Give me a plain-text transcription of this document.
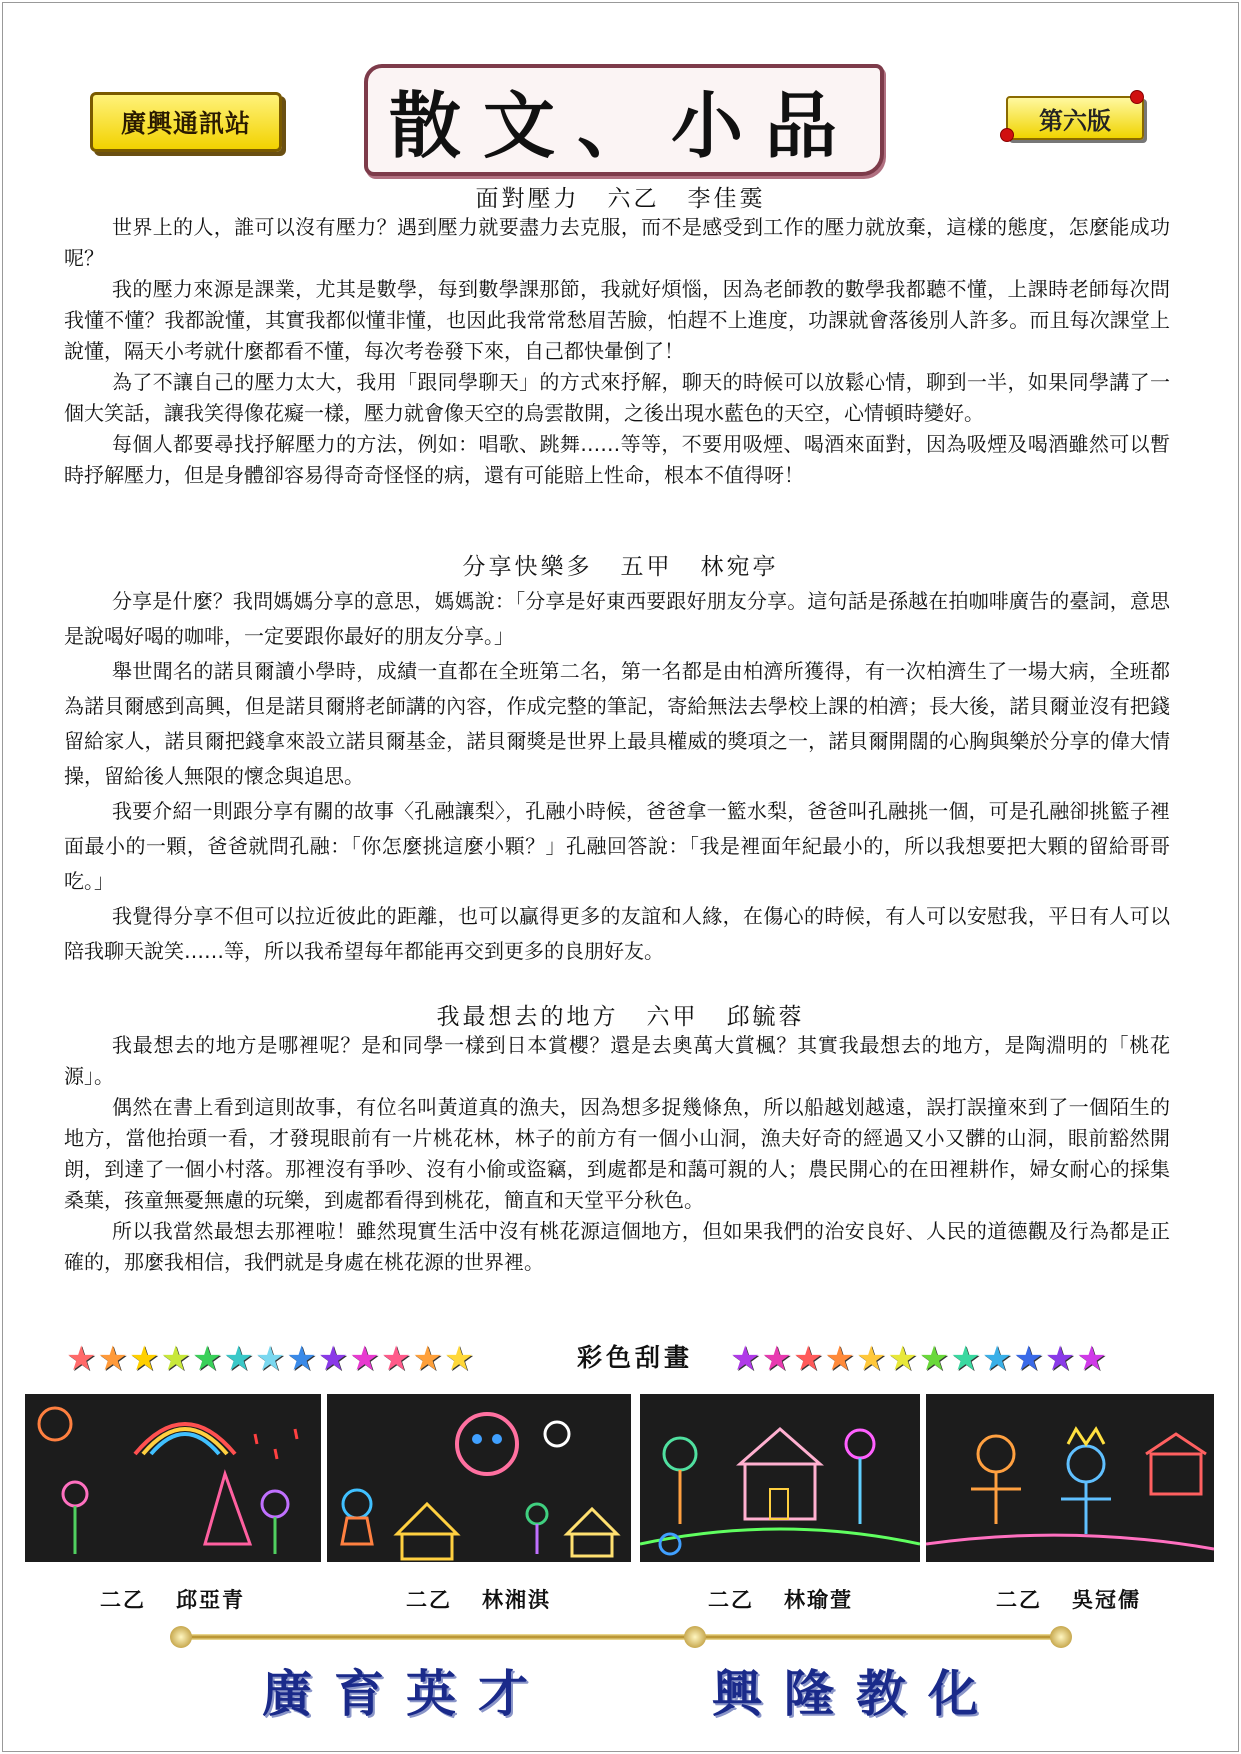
廣興通訊站	散文、小品	第六版
面對壓力 六乙 李佳霙

世界上的人，誰可以沒有壓力？遇到壓力就要盡力去克服，而不是感受到工作的壓力就放棄，這樣的態度，怎麼能成功呢？

我的壓力來源是課業，尤其是數學，每到數學課那節，我就好煩惱，因為老師教的數學我都聽不懂，上課時老師每次問我懂不懂？我都說懂，其實我都似懂非懂，也因此我常常愁眉苦臉，怕趕不上進度，功課就會落後別人許多。而且每次課堂上說懂，隔天小考就什麼都看不懂，每次考卷發下來，自己都快暈倒了！

為了不讓自己的壓力太大，我用「跟同學聊天」的方式來抒解，聊天的時候可以放鬆心情，聊到一半，如果同學講了一個大笑話，讓我笑得像花癡一樣，壓力就會像天空的烏雲散開，之後出現水藍色的天空，心情頓時變好。

每個人都要尋找抒解壓力的方法，例如：唱歌、跳舞……等等，不要用吸煙、喝酒來面對，因為吸煙及喝酒雖然可以暫時抒解壓力，但是身體卻容易得奇奇怪怪的病，還有可能賠上性命，根本不值得呀！

分享快樂多 五甲 林宛亭

分享是什麼？我問媽媽分享的意思，媽媽說：「分享是好東西要跟好朋友分享。這句話是孫越在拍咖啡廣告的臺詞，意思是說喝好喝的咖啡，一定要跟你最好的朋友分享。」

舉世聞名的諾貝爾讀小學時，成績一直都在全班第二名，第一名都是由柏濟所獲得，有一次柏濟生了一場大病，全班都為諾貝爾感到高興，但是諾貝爾將老師講的內容，作成完整的筆記，寄給無法去學校上課的柏濟；長大後，諾貝爾並沒有把錢留給家人，諾貝爾把錢拿來設立諾貝爾基金，諾貝爾獎是世界上最具權威的獎項之一，諾貝爾開闊的心胸與樂於分享的偉大情操，留給後人無限的懷念與追思。

我要介紹一則跟分享有關的故事〈孔融讓梨〉，孔融小時候，爸爸拿一籃水梨，爸爸叫孔融挑一個，可是孔融卻挑籃子裡面最小的一顆，爸爸就問孔融：「你怎麼挑這麼小顆？」孔融回答說：「我是裡面年紀最小的，所以我想要把大顆的留給哥哥吃。」

我覺得分享不但可以拉近彼此的距離，也可以贏得更多的友誼和人緣，在傷心的時候，有人可以安慰我，平日有人可以陪我聊天說笑……等，所以我希望每年都能再交到更多的良朋好友。

我最想去的地方 六甲 邱毓蓉

我最想去的地方是哪裡呢？是和同學一樣到日本賞櫻？還是去奧萬大賞楓？其實我最想去的地方，是陶淵明的「桃花源」。

偶然在書上看到這則故事，有位名叫黃道真的漁夫，因為想多捉幾條魚，所以船越划越遠，誤打誤撞來到了一個陌生的地方，當他抬頭一看，才發現眼前有一片桃花林，林子的前方有一個小山洞，漁夫好奇的經過又小又髒的山洞，眼前豁然開朗，到達了一個小村落。那裡沒有爭吵、沒有小偷或盜竊，到處都是和藹可親的人；農民開心的在田裡耕作，婦女耐心的採集桑葉，孩童無憂無慮的玩樂，到處都看得到桃花，簡直和天堂平分秋色。

所以我當然最想去那裡啦！雖然現實生活中沒有桃花源這個地方，但如果我們的治安良好、人民的道德觀及行為都是正確的，那麼我相信，我們就是身處在桃花源的世界裡。

★ ★ ★ ★ ★ ★ ★ ★ ★ ★ ★ ★ ★	彩色刮畫	★ ★ ★ ★ ★ ★ ★ ★ ★ ★ ★ ★
二乙 邱亞青	二乙 林湘淇	二乙 林瑜萱	二乙 吳冠儒
廣育英才	興隆教化
